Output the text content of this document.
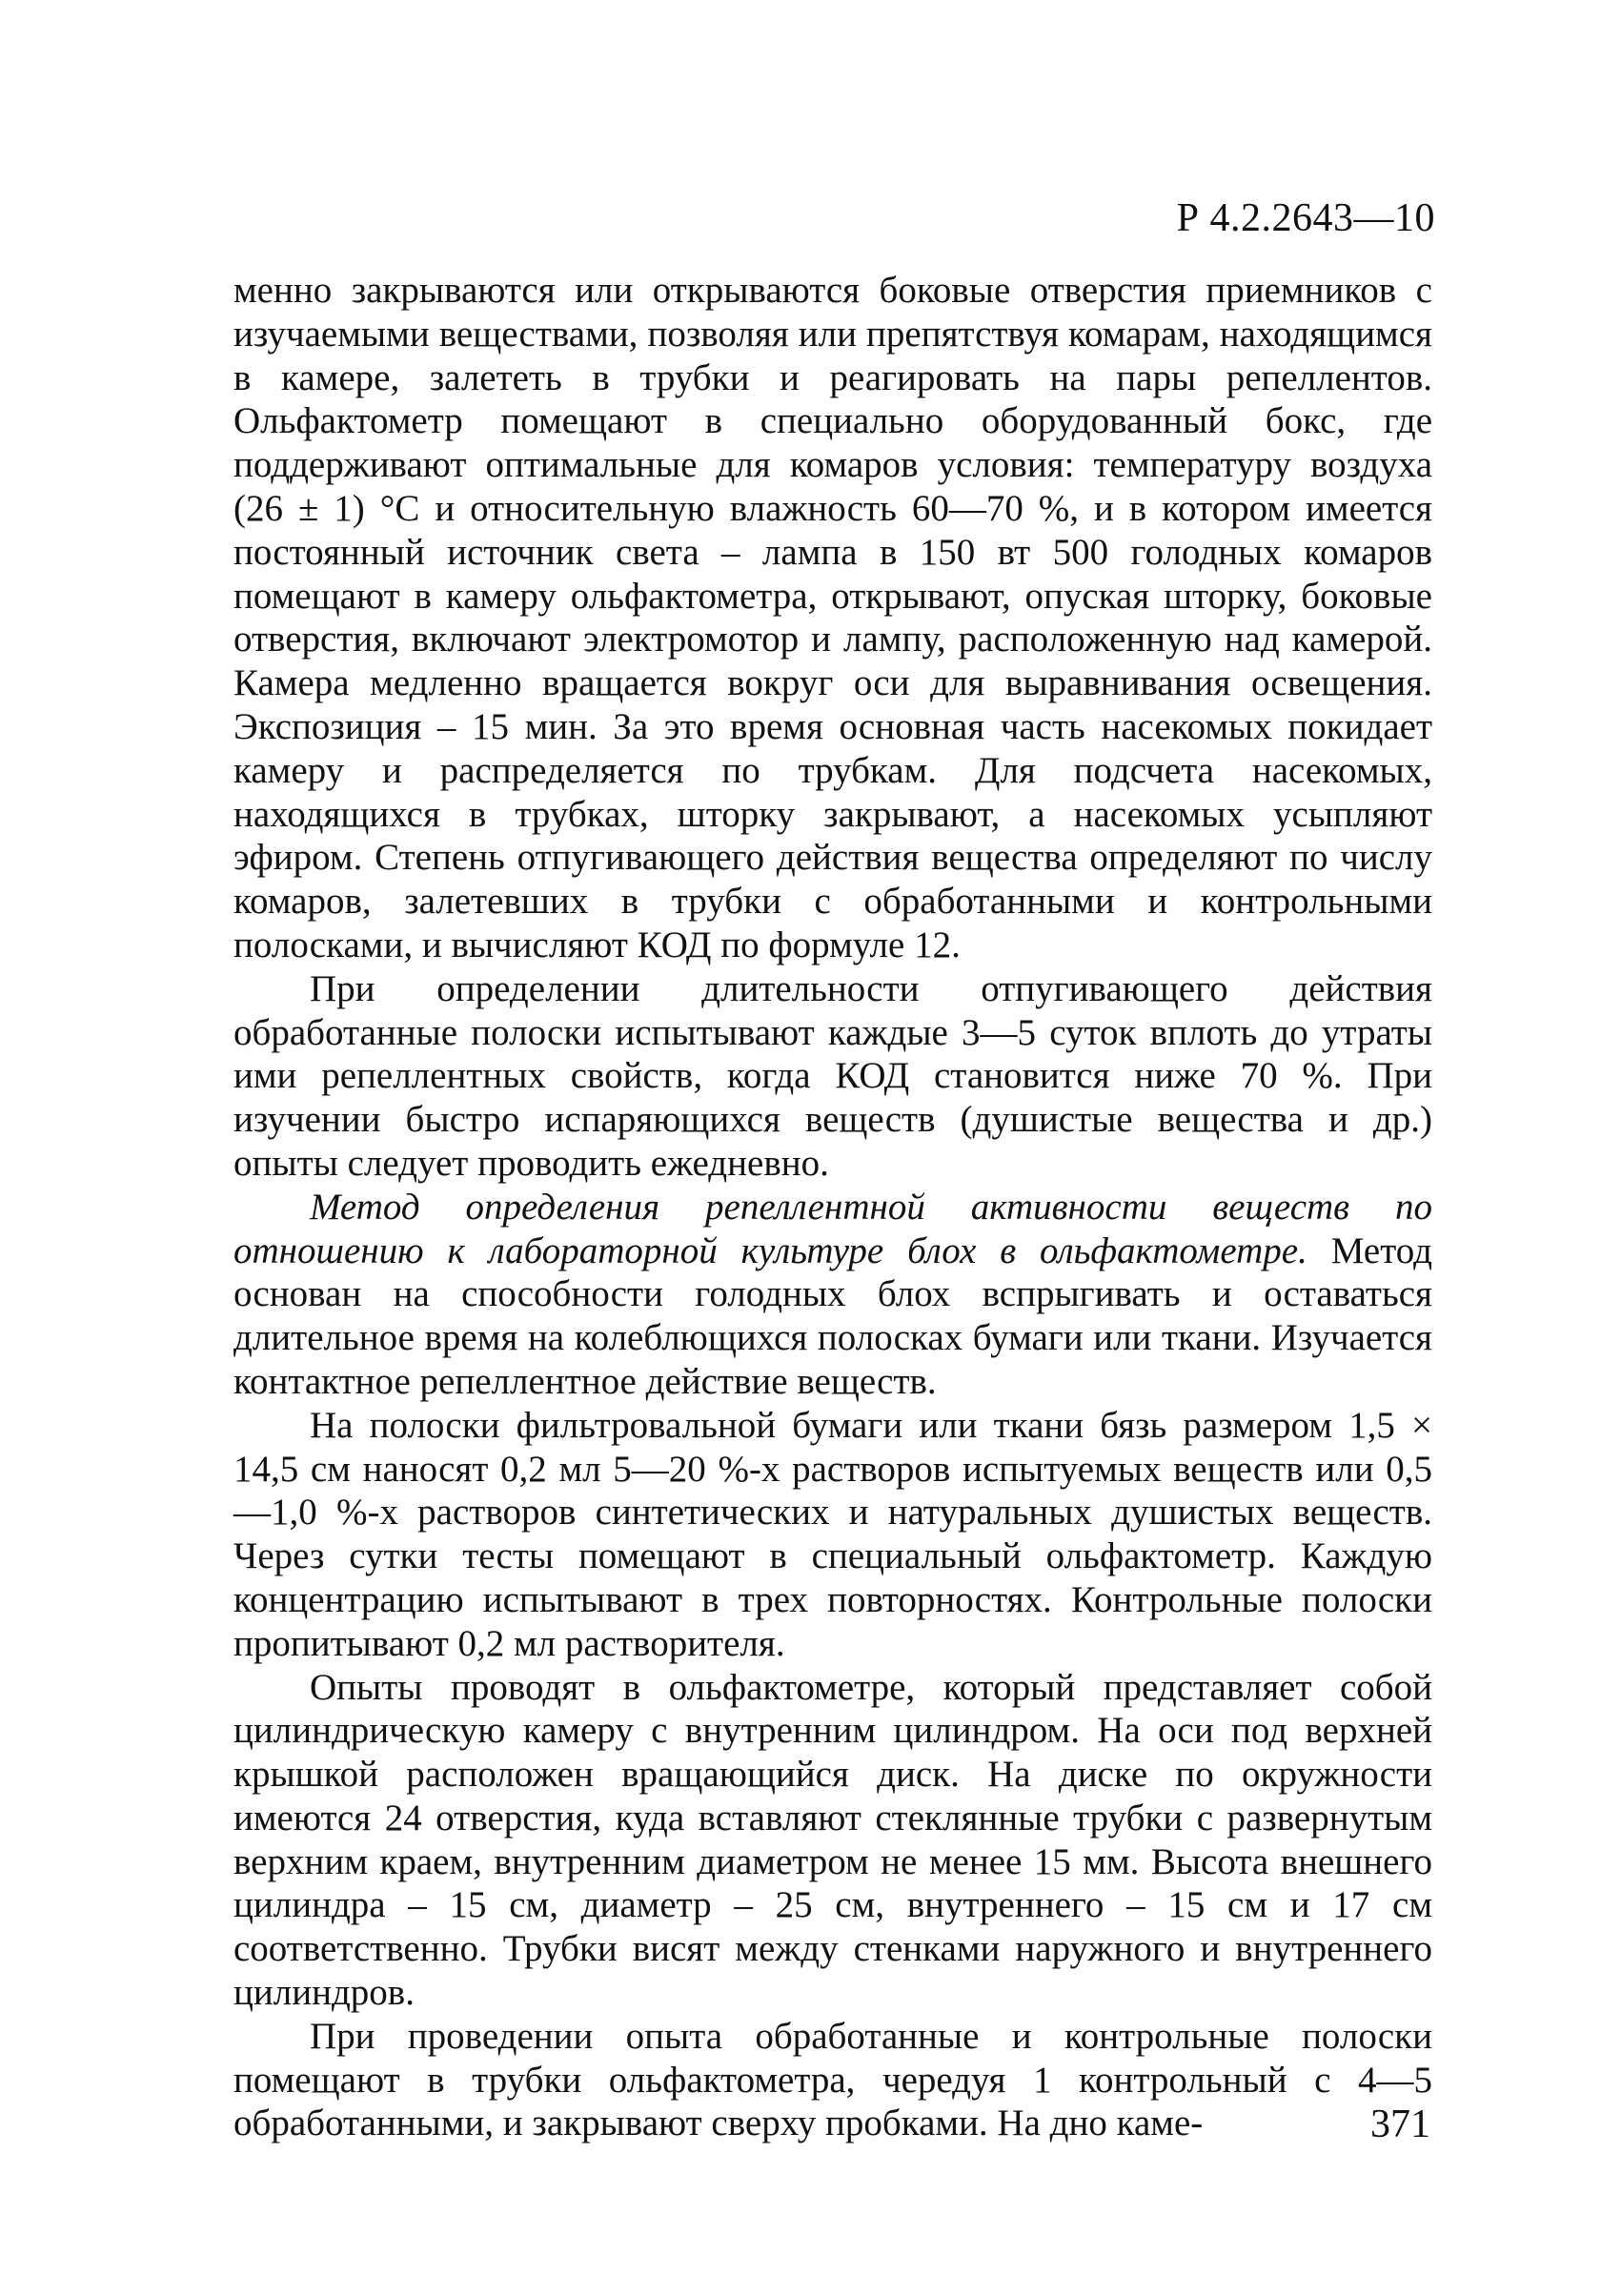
Р 4.2.2643—10

менно закрываются или открываются боковые отверстия приемников с изучаемыми веществами, позволяя или препятствуя комарам, находящимся в камере, залететь в трубки и реагировать на пары репеллентов. Ольфактометр помещают в специально оборудованный бокс, где поддерживают оптимальные для комаров условия: температуру воздуха (26 ± 1) °С и относительную влажность 60—70 %, и в котором имеется постоянный источник света – лампа в 150 вт 500 голодных комаров помещают в камеру ольфактометра, открывают, опуская шторку, боковые отверстия, включают электромотор и лампу, расположенную над камерой. Камера медленно вращается вокруг оси для выравнивания освещения. Экспозиция – 15 мин. За это время основная часть насекомых покидает камеру и распределяется по трубкам. Для подсчета насекомых, находящихся в трубках, шторку закрывают, а насекомых усыпляют эфиром. Степень отпугивающего действия вещества определяют по числу комаров, залетевших в трубки с обработанными и контрольными полосками, и вычисляют КОД по формуле 12.

При определении длительности отпугивающего действия обработанные полоски испытывают каждые 3—5 суток вплоть до утраты ими репеллентных свойств, когда КОД становится ниже 70 %. При изучении быстро испаряющихся веществ (душистые вещества и др.) опыты следует проводить ежедневно.

Метод определения репеллентной активности веществ по отношению к лабораторной культуре блох в ольфактометре. Метод основан на способности голодных блох вспрыгивать и оставаться длительное время на колеблющихся полосках бумаги или ткани. Изучается контактное репеллентное действие веществ.

На полоски фильтровальной бумаги или ткани бязь размером 1,5 × 14,5 см наносят 0,2 мл 5—20 %-х растворов испытуемых веществ или 0,5—1,0 %-х растворов синтетических и натуральных душистых веществ. Через сутки тесты помещают в специальный ольфактометр. Каждую концентрацию испытывают в трех повторностях. Контрольные полоски пропитывают 0,2 мл растворителя.

Опыты проводят в ольфактометре, который представляет собой цилиндрическую камеру с внутренним цилиндром. На оси под верхней крышкой расположен вращающийся диск. На диске по окружности имеются 24 отверстия, куда вставляют стеклянные трубки с развернутым верхним краем, внутренним диаметром не менее 15 мм. Высота внешнего цилиндра – 15 см, диаметр – 25 см, внутреннего – 15 см и 17 см соответственно. Трубки висят между стенками наружного и внутреннего цилиндров.

При проведении опыта обработанные и контрольные полоски помещают в трубки ольфактометра, чередуя 1 контрольный с 4—5 обработанными, и закрывают сверху пробками. На дно каме-	371
